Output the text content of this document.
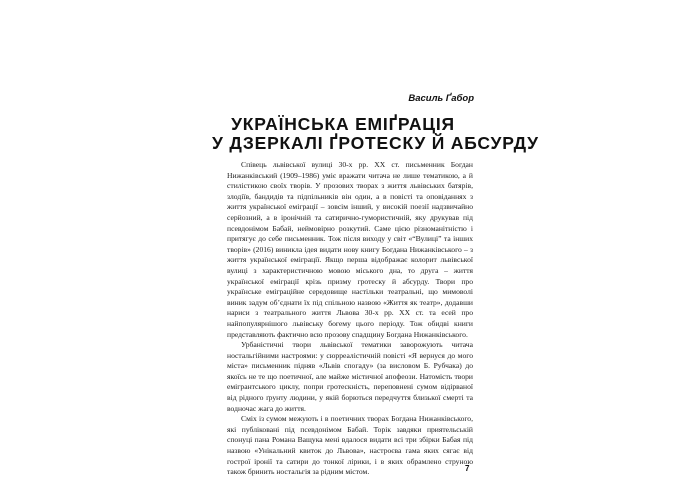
Василь Ґабор
УКРАЇНСЬКА ЕМІҐРАЦІЯ
У ДЗЕРКАЛІ ҐРОТЕСКУ Й АБСУРДУ

Співець львівської вулиці 30-х рр. ХХ ст. письменник Богдан Нижанківський (1909–1986) уміє вражати читача не лише тематикою, а й стилістикою своїх творів. У прозових творах з життя львівських батярів, злодіїв, бандидів та підпільників він один, а в повісті та оповіданнях з життя української еміграції – зовсім інший, у високій поезії надзвичайно серйозний, а в іронічній та сатирично-гумористичній, яку друкував під псевдонімом Бабай, неймовірно розкутий. Саме цією різноманітністю і притягує до себе письменник. Тож після виходу у світ «“Вулиці” та інших творів» (2016) виникла ідея видати нову книгу Богдана Нижанківського – з життя української еміграції. Якщо перша відображає колорит львівської вулиці з характеристичною мовою міського дна, то друга – життя української еміграції крізь призму гротеску й абсурду. Твори про українське еміграційне середовище настільки театральні, що мимоволі виник задум об’єднати їх під спільною назвою «Життя як театр», додавши нариси з театрального життя Львова 30-х рр. ХХ ст. та есей про найпопулярнішого львівську богему цього періоду. Тож обидві книги представляють фактично всю прозову спадщину Богдана Нижанківського.

Урбаністичні твори львівської тематики заворожують читача ностальгійними настроями: у сюрреалістичній повісті «Я вернуся до мого міста» письменник підняв «Львів спогаду» (за висловом Б. Рубчака) до якоїсь не те що поетичної, але майже містичної апофеози. Натомість твори емігрантського циклу, попри гротескність, переповнені сумом відірваної від рідного ґрунту людини, у якій борються передчуття близької смерті та водночас жага до життя.

Сміх із сумом межують і в поетичних творах Богдана Нижанківського, які публіковані під псевдонімом Бабай. Торік завдяки приятельській спонуці пана Романа Ващука мені вдалося видати всі три збірки Бабая під назвою «Унікальний квиток до Львова», настроєва гама яких сягає від гострої іронії та сатири до тонкої лірики, і в яких обрамлено струною також бринить ностальгія за рідним містом.	7
